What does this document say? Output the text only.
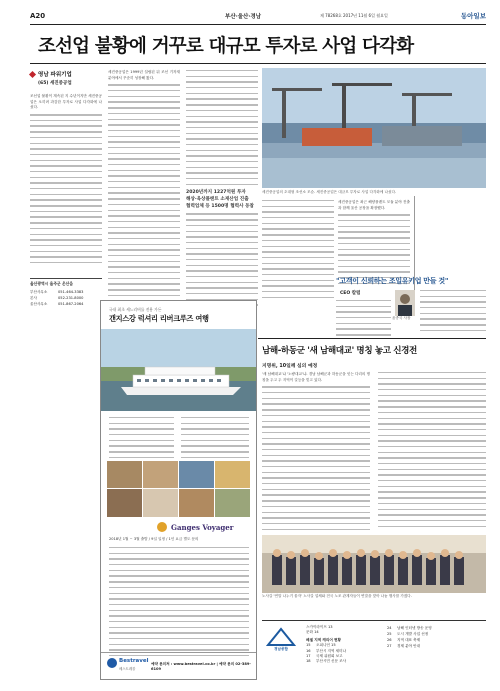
A20	부산·울산·경남	제 78268호 2017년 11월 6일 월요일	동아일보
조선업 불황에 거꾸로 대규모 투자로 사업 다각화
영남 파워기업
(65) 세진중공업
조선업 불황이 계속된 지 수년이지만 세진중공업은 오히려 과감한 투자로 사업 다각화에 나섰다.
울산광역시 울주군 온산읍
부산사무소	051-464-3383
본사	052-231-8000
울산사무소	051-867-2064
세진중공업은 1999년 설립된 뒤 조선 기자재 분야에서 꾸준히 성장해 왔다.
2020년까지 1227억원 투자
해상·육상플랜트 소재산업 진출
협력업체 등 1500명 협력사 동참
세진중공업의 초대형 조선소 모습. 세진중공업은 대규모 투자로 사업 다각화에 나섰다.
세진중공업은 최근 해양플랜트 모듈 분야 진출과 함께 울산 공장을 확장했다.
"고객이 신뢰하는 조일유키업 만들 것"
CEO 칼럼
윤종국 사장
남해-하동군 '새 남해대교' 명칭 놓고 신경전
지명위, 10일께 심의 예정
'새 남해대교'냐 '노량대교'냐. 경남 남해군과 하동군을 잇는 다리의 명칭을 두고 두 지역이 갈등을 빚고 있다.
노사갈 '연말 나누기 물자' 노사갈 업체와 전국 노조 관계자들이 연말을 맞아 나눔 행사를 가졌다.
경남종합
스카이라이프 13
문화 14
베셀 지역 캐리어 현황
15	오피니언 15
16	부산시 지역 세미나
17	국제 위원회 보고
18	부산시민 신문 조사
24	남해 인터넷 방송 운영
25	도시 개발 사업 선정
26	지역 대표 축제
27	경제 분야 안내
국내 최초 세느리버를 전용 가든
갠지스강 럭셔리 리버크루즈 여행
Ganges Voyager
2018년 1월 ~ 3월 출발 / 9일 일정 / 1인 요금 별도 문의
Bestravel
베스트레블
예약 문의처 : www.bestravel.co.kr | 예약 문의 02-389-6109
